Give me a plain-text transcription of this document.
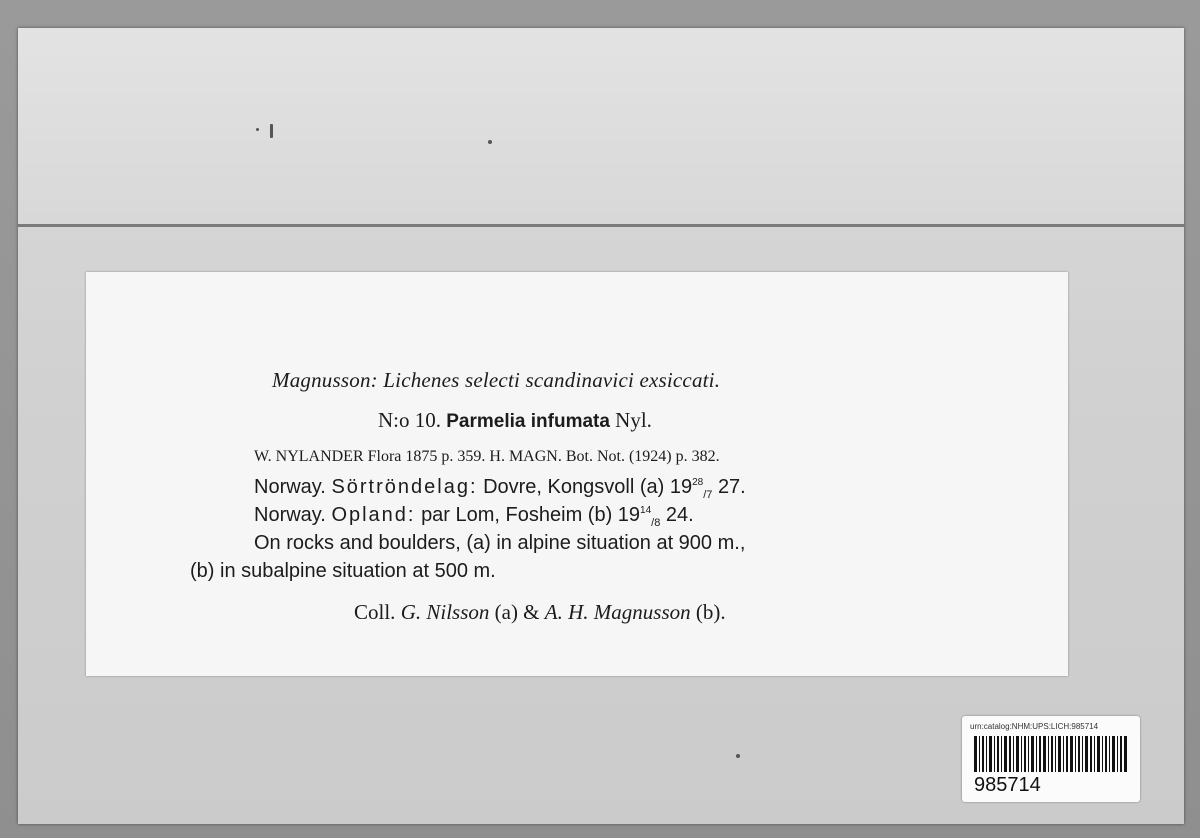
Magnusson: Lichenes selecti scandinavici exsiccati.
N:o 10. Parmelia infumata Nyl.
W. NYLANDER Flora 1875 p. 359. H. MAGN. Bot. Not. (1924) p. 382.
Norway. Sörtröndelag: Dovre, Kongsvoll (a) $19^{28}_{/7}$ 27.
Norway. Opland: par Lom, Fosheim (b) $19^{14}_{/8}$ 24.
On rocks and boulders, (a) in alpine situation at 900 m.,
(b) in subalpine situation at 500 m.
Coll. G. Nilsson (a) & A. H. Magnusson (b).
urn:catalog:NHM:UPS:LICH:985714
985714
